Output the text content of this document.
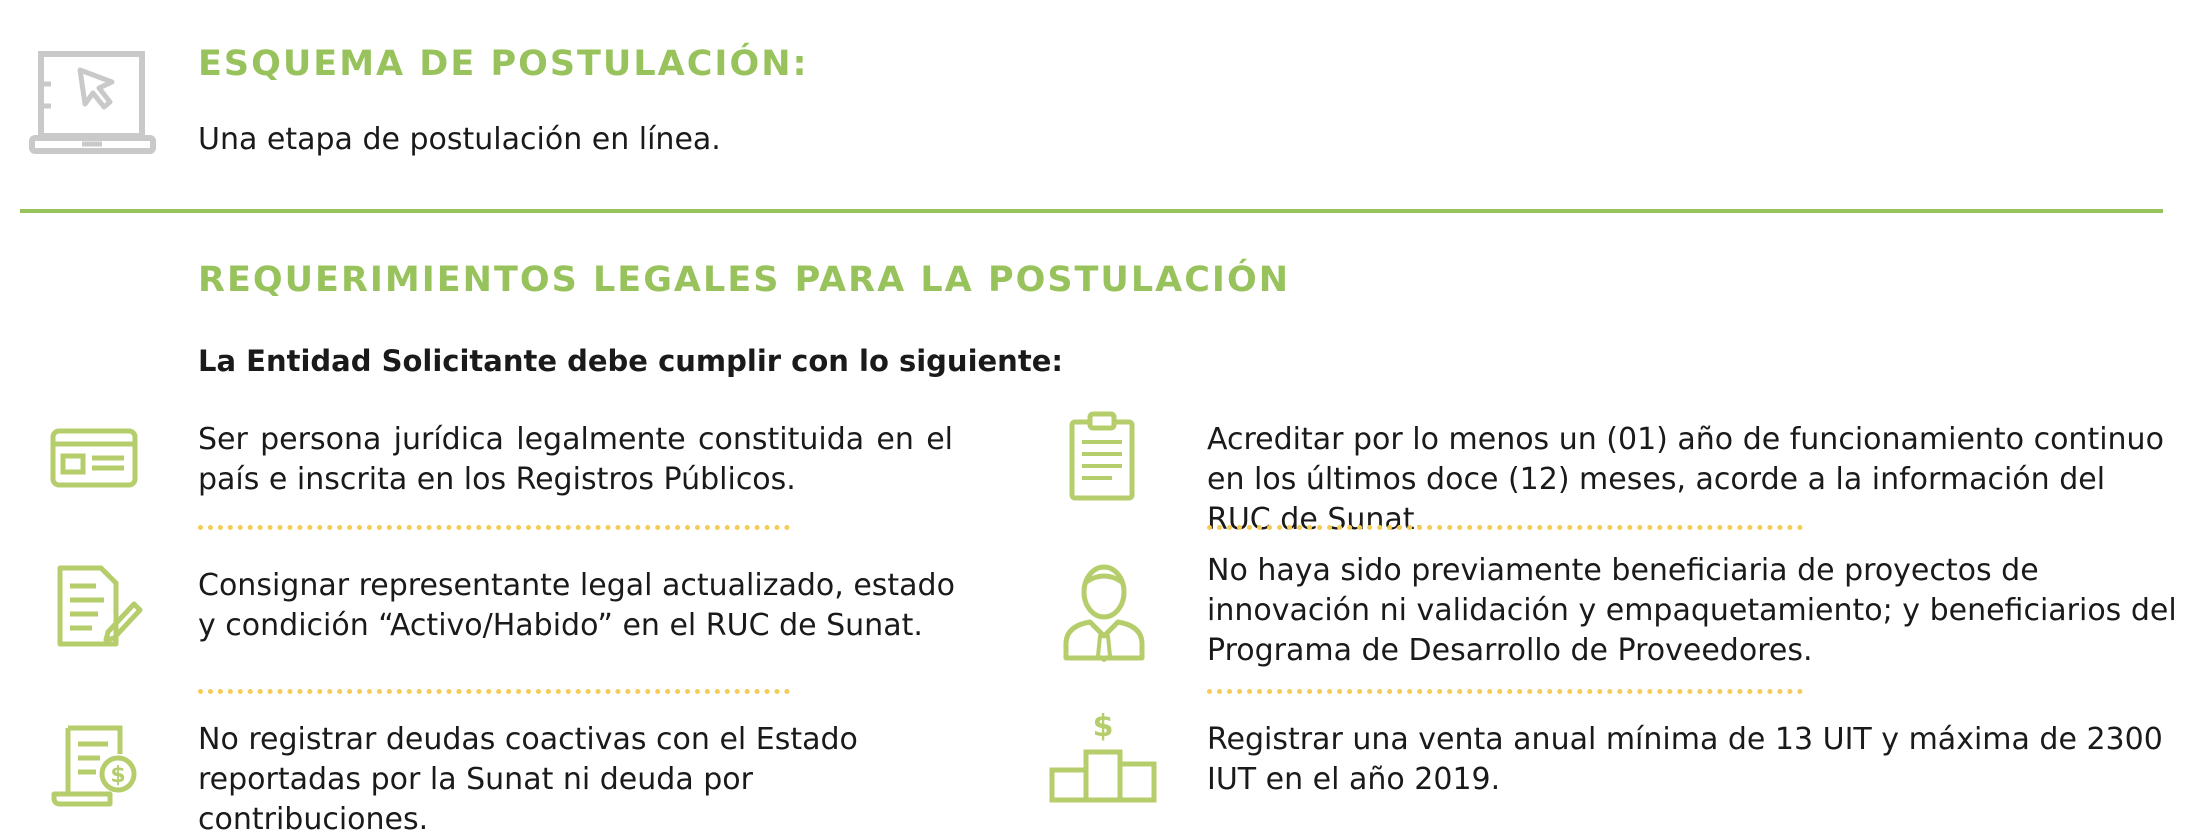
ESQUEMA DE POSTULACIÓN:
Una etapa de postulación en línea.
REQUERIMIENTOS LEGALES PARA LA POSTULACIÓN
La Entidad Solicitante debe cumplir con lo siguiente:
Ser persona jurídica legalmente constituida en el país e inscrita en los Registros Públicos.
Consignar representante legal actualizado, estado y condición “Activo/Habido” en el RUC de Sunat.
$
No registrar deudas coactivas con el Estado reportadas por la Sunat ni deuda por contribuciones.
Acreditar por lo menos un (01) año de funcionamiento continuo en los últimos doce (12) meses, acorde a la información del RUC de Sunat.
No haya sido previamente beneficiaria de proyectos de innovación ni validación y empaquetamiento; y beneficiarios del Programa de Desarrollo de Proveedores.
$	Registrar una venta anual mínima de 13 UIT y máxima de 2300 IUT en el año 2019.
